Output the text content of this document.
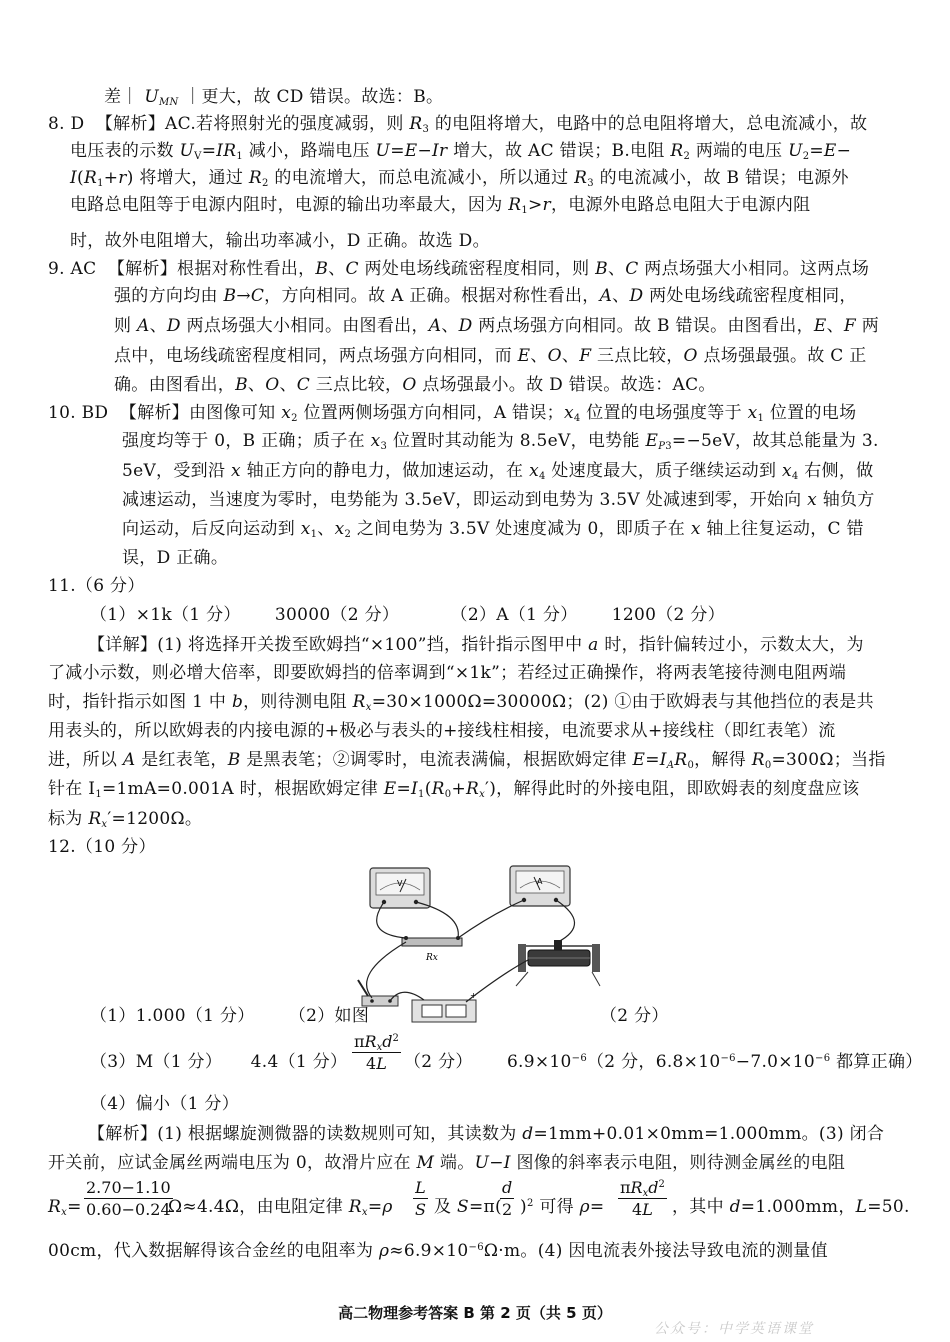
差｜ $U_{MN}$ ｜更大，故 CD 错误。故选：B。
8. D  【解析】AC.若将照射光的强度减弱，则 $R_3$ 的电阻将增大，电路中的总电阻将增大，总电流减小，故
电压表的示数 $U_V=IR_1$ 减小，路端电压 U=E−Ir 增大，故 AC 错误；B.电阻 $R_2$ 两端的电压 $U_2=E-$
$I(R_1+r)$ 将增大，通过 $R_2$ 的电流增大，而总电流减小，所以通过 $R_3$ 的电流减小，故 B 错误；电源外
电路总电阻等于电源内阻时，电源的输出功率最大，因为 $R_1>r$，电源外电路总电阻大于电源内阻
时，故外电阻增大，输出功率减小，D 正确。故选 D。
9. AC  【解析】根据对称性看出，B、C 两处电场线疏密程度相同，则 B、C 两点场强大小相同。这两点场
强的方向均由 B→C，方向相同。故 A 正确。根据对称性看出，A、D 两处电场线疏密程度相同，
则 A、D 两点场强大小相同。由图看出，A、D 两点场强方向相同。故 B 错误。由图看出，E、F 两
点中，电场线疏密程度相同，两点场强方向相同，而 E、O、F 三点比较，O 点场强最强。故 C 正
确。由图看出，B、O、C 三点比较，O 点场强最小。故 D 错误。故选：AC。
10. BD  【解析】由图像可知 $x_2$ 位置两侧场强方向相同，A 错误；$x_4$ 位置的电场强度等于 $x_1$ 位置的电场
强度均等于 0，B 正确；质子在 $x_3$ 位置时其动能为 8.5eV，电势能 $E_{P3}=-5eV$，故其总能量为 3.
5eV，受到沿 x 轴正方向的静电力，做加速运动，在 $x_4$ 处速度最大，质子继续运动到 $x_4$ 右侧，做
减速运动，当速度为零时，电势能为 3.5eV，即运动到电势为 3.5V 处减速到零，开始向 x 轴负方
向运动，后反向运动到 $x_1$、$x_2$ 之间电势为 3.5V 处速度减为 0，即质子在 x 轴上往复运动，C 错
误，D 正确。
11.（6 分）
（1）×1k（1 分）      30000（2 分）         （2）A（1 分）      1200（2 分）
【详解】(1) 将选择开关拨至欧姆挡“×100”挡，指针指示图甲中 a 时，指针偏转过小，示数太大，为
了减小示数，则必增大倍率，即要欧姆挡的倍率调到“×1k”；若经过正确操作，将两表笔接待测电阻两端
时，指针指示如图 1 中 b，则待测电阻 $R_x=30\times 1000\Omega=30000\Omega$；(2) ①由于欧姆表与其他挡位的表是共
用表头的，所以欧姆表的内接电源的+极必与表头的+接线柱相接，电流要求从+接线柱（即红表笔）流
进，所以 A 是红表笔，B 是黑表笔；②调零时，电流表满偏，根据欧姆定律 $E=I_AR_0$，解得 $R_0=300\Omega$；当指
针在 $I_1=1mA=0.001A$ 时，根据欧姆定律 $E=I_1(R_0+R_x')$，解得此时的外接电阻，即欧姆表的刻度盘应该
标为 $R_x'=1200\Omega$。
12.（10 分）
V	A
Rx
+
（1）1.000（1 分）      （2）如图	（2 分）
（3）M（1 分）     4.4（1 分）
$\pi R_xd^2$
4L	（2 分）      $6.9\times 10^{-6}(2$ 分，$6.8\times 10^{-6}-7.0\times 10^{-6}$ 都算正确）
（4）偏小（1 分）
【解析】(1) 根据螺旋测微器的读数规则可知，其读数为 d=1mm+0.01×0mm=1.000mm。(3) 闭合
开关前，应试金属丝两端电压为 0，故滑片应在 M 端。U−I 图像的斜率表示电阻，则待测金属丝的电阻
$R_x=$
2.70−1.10
0.60−0.24
Ω≈4.4Ω，由电阻定律 $R_x=\rho$
L
S 及 S=π(
d
2 )$^2$ 可得 ρ=
$\pi R_xd^2$
4L	，其中 d=1.000mm，L=50.
00cm，代入数据解得该合金丝的电阻率为 $\rho\approx 6.9\times 10^{-6}\Omega\cdot m$。(4) 因电流表外接法导致电流的测量值
高二物理参考答案 B 第 2 页（共 5 页）
公众号：中学英语课堂
